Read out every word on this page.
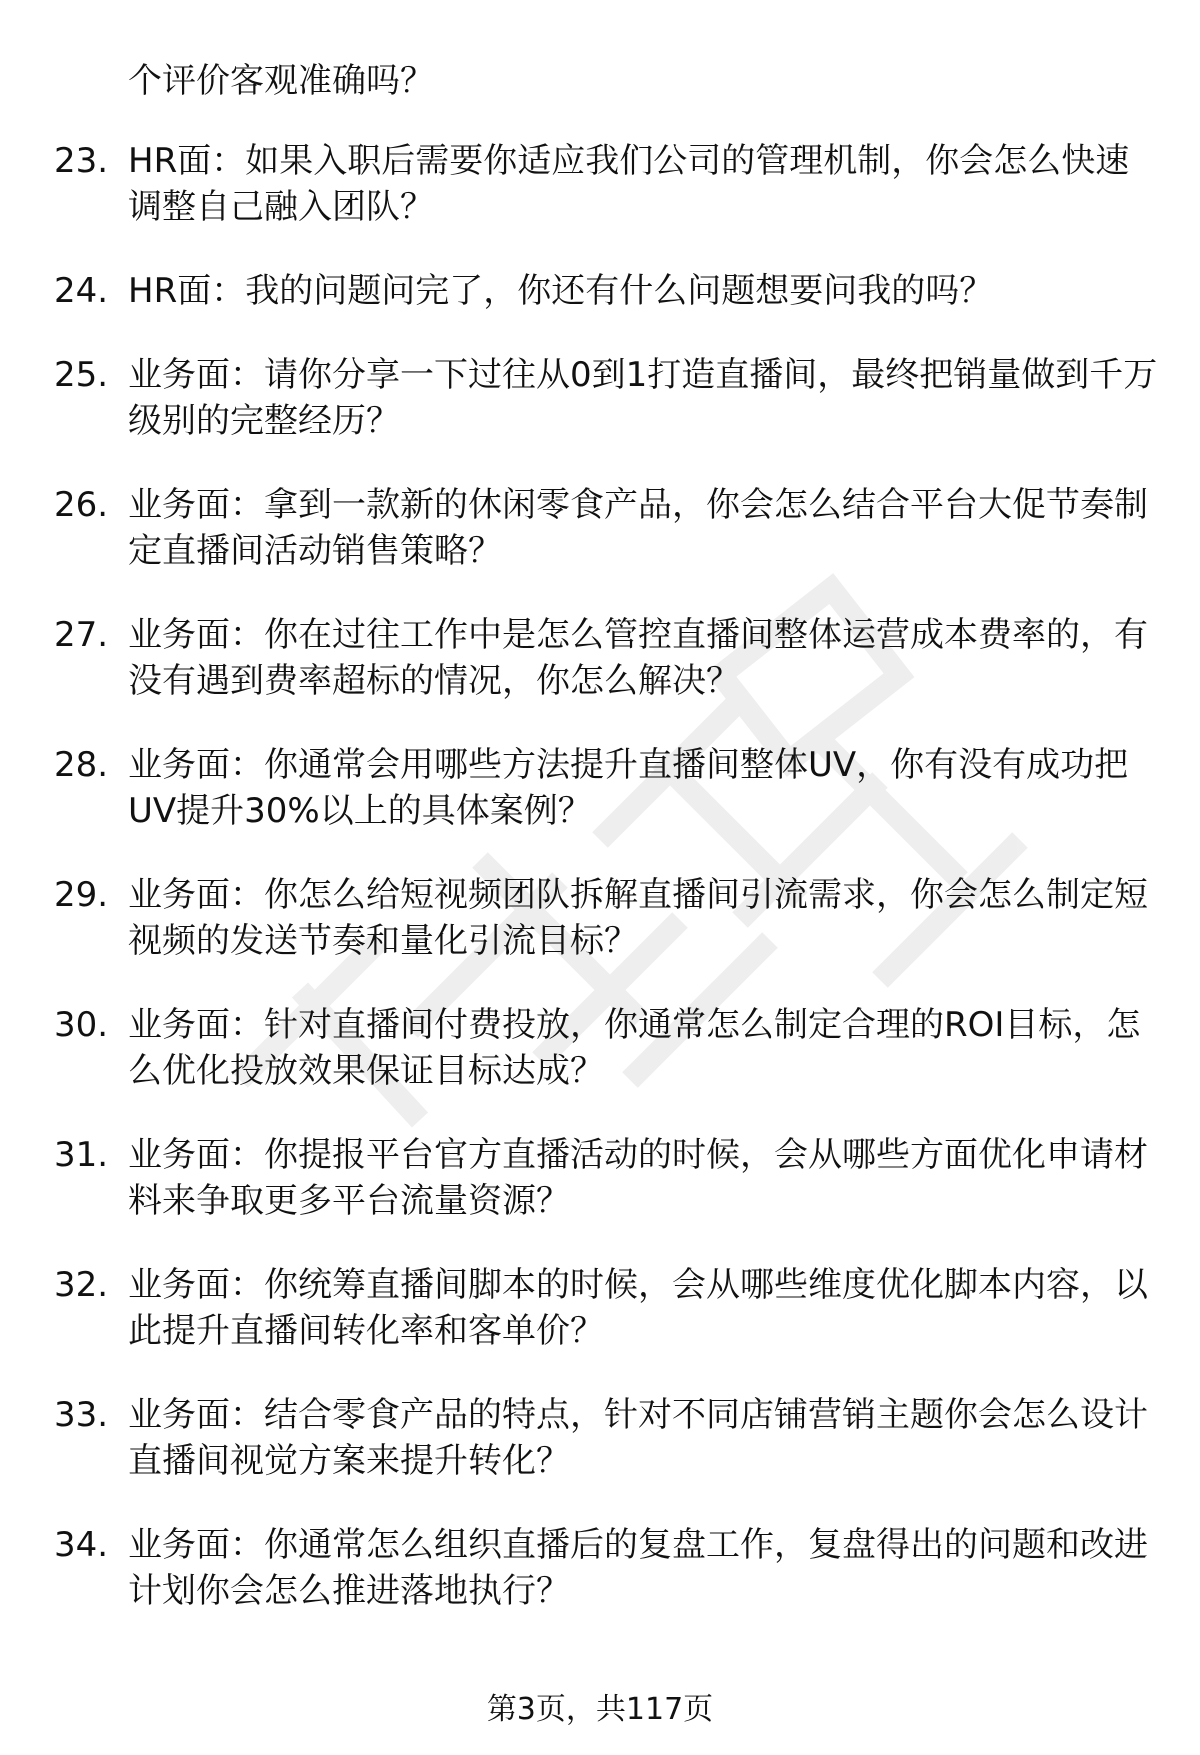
个评价客观准确吗？
23. HR面：如果入职后需要你适应我们公司的管理机制，你会怎么快速调整自己融入团队？
24. HR面：我的问题问完了，你还有什么问题想要问我的吗？
25. 业务面：请你分享一下过往从0到1打造直播间，最终把销量做到千万级别的完整经历？
26. 业务面：拿到一款新的休闲零食产品，你会怎么结合平台大促节奏制定直播间活动销售策略？
27. 业务面：你在过往工作中是怎么管控直播间整体运营成本费率的，有没有遇到费率超标的情况，你怎么解决？
28. 业务面：你通常会用哪些方法提升直播间整体UV，你有没有成功把UV提升30%以上的具体案例？
29. 业务面：你怎么给短视频团队拆解直播间引流需求，你会怎么制定短视频的发送节奏和量化引流目标？
30. 业务面：针对直播间付费投放，你通常怎么制定合理的ROI目标，怎么优化投放效果保证目标达成？
31. 业务面：你提报平台官方直播活动的时候，会从哪些方面优化申请材料来争取更多平台流量资源？
32. 业务面：你统筹直播间脚本的时候，会从哪些维度优化脚本内容，以此提升直播间转化率和客单价？
33. 业务面：结合零食产品的特点，针对不同店铺营销主题你会怎么设计直播间视觉方案来提升转化？
34. 业务面：你通常怎么组织直播后的复盘工作，复盘得出的问题和改进计划你会怎么推进落地执行？
第3页，共117页
